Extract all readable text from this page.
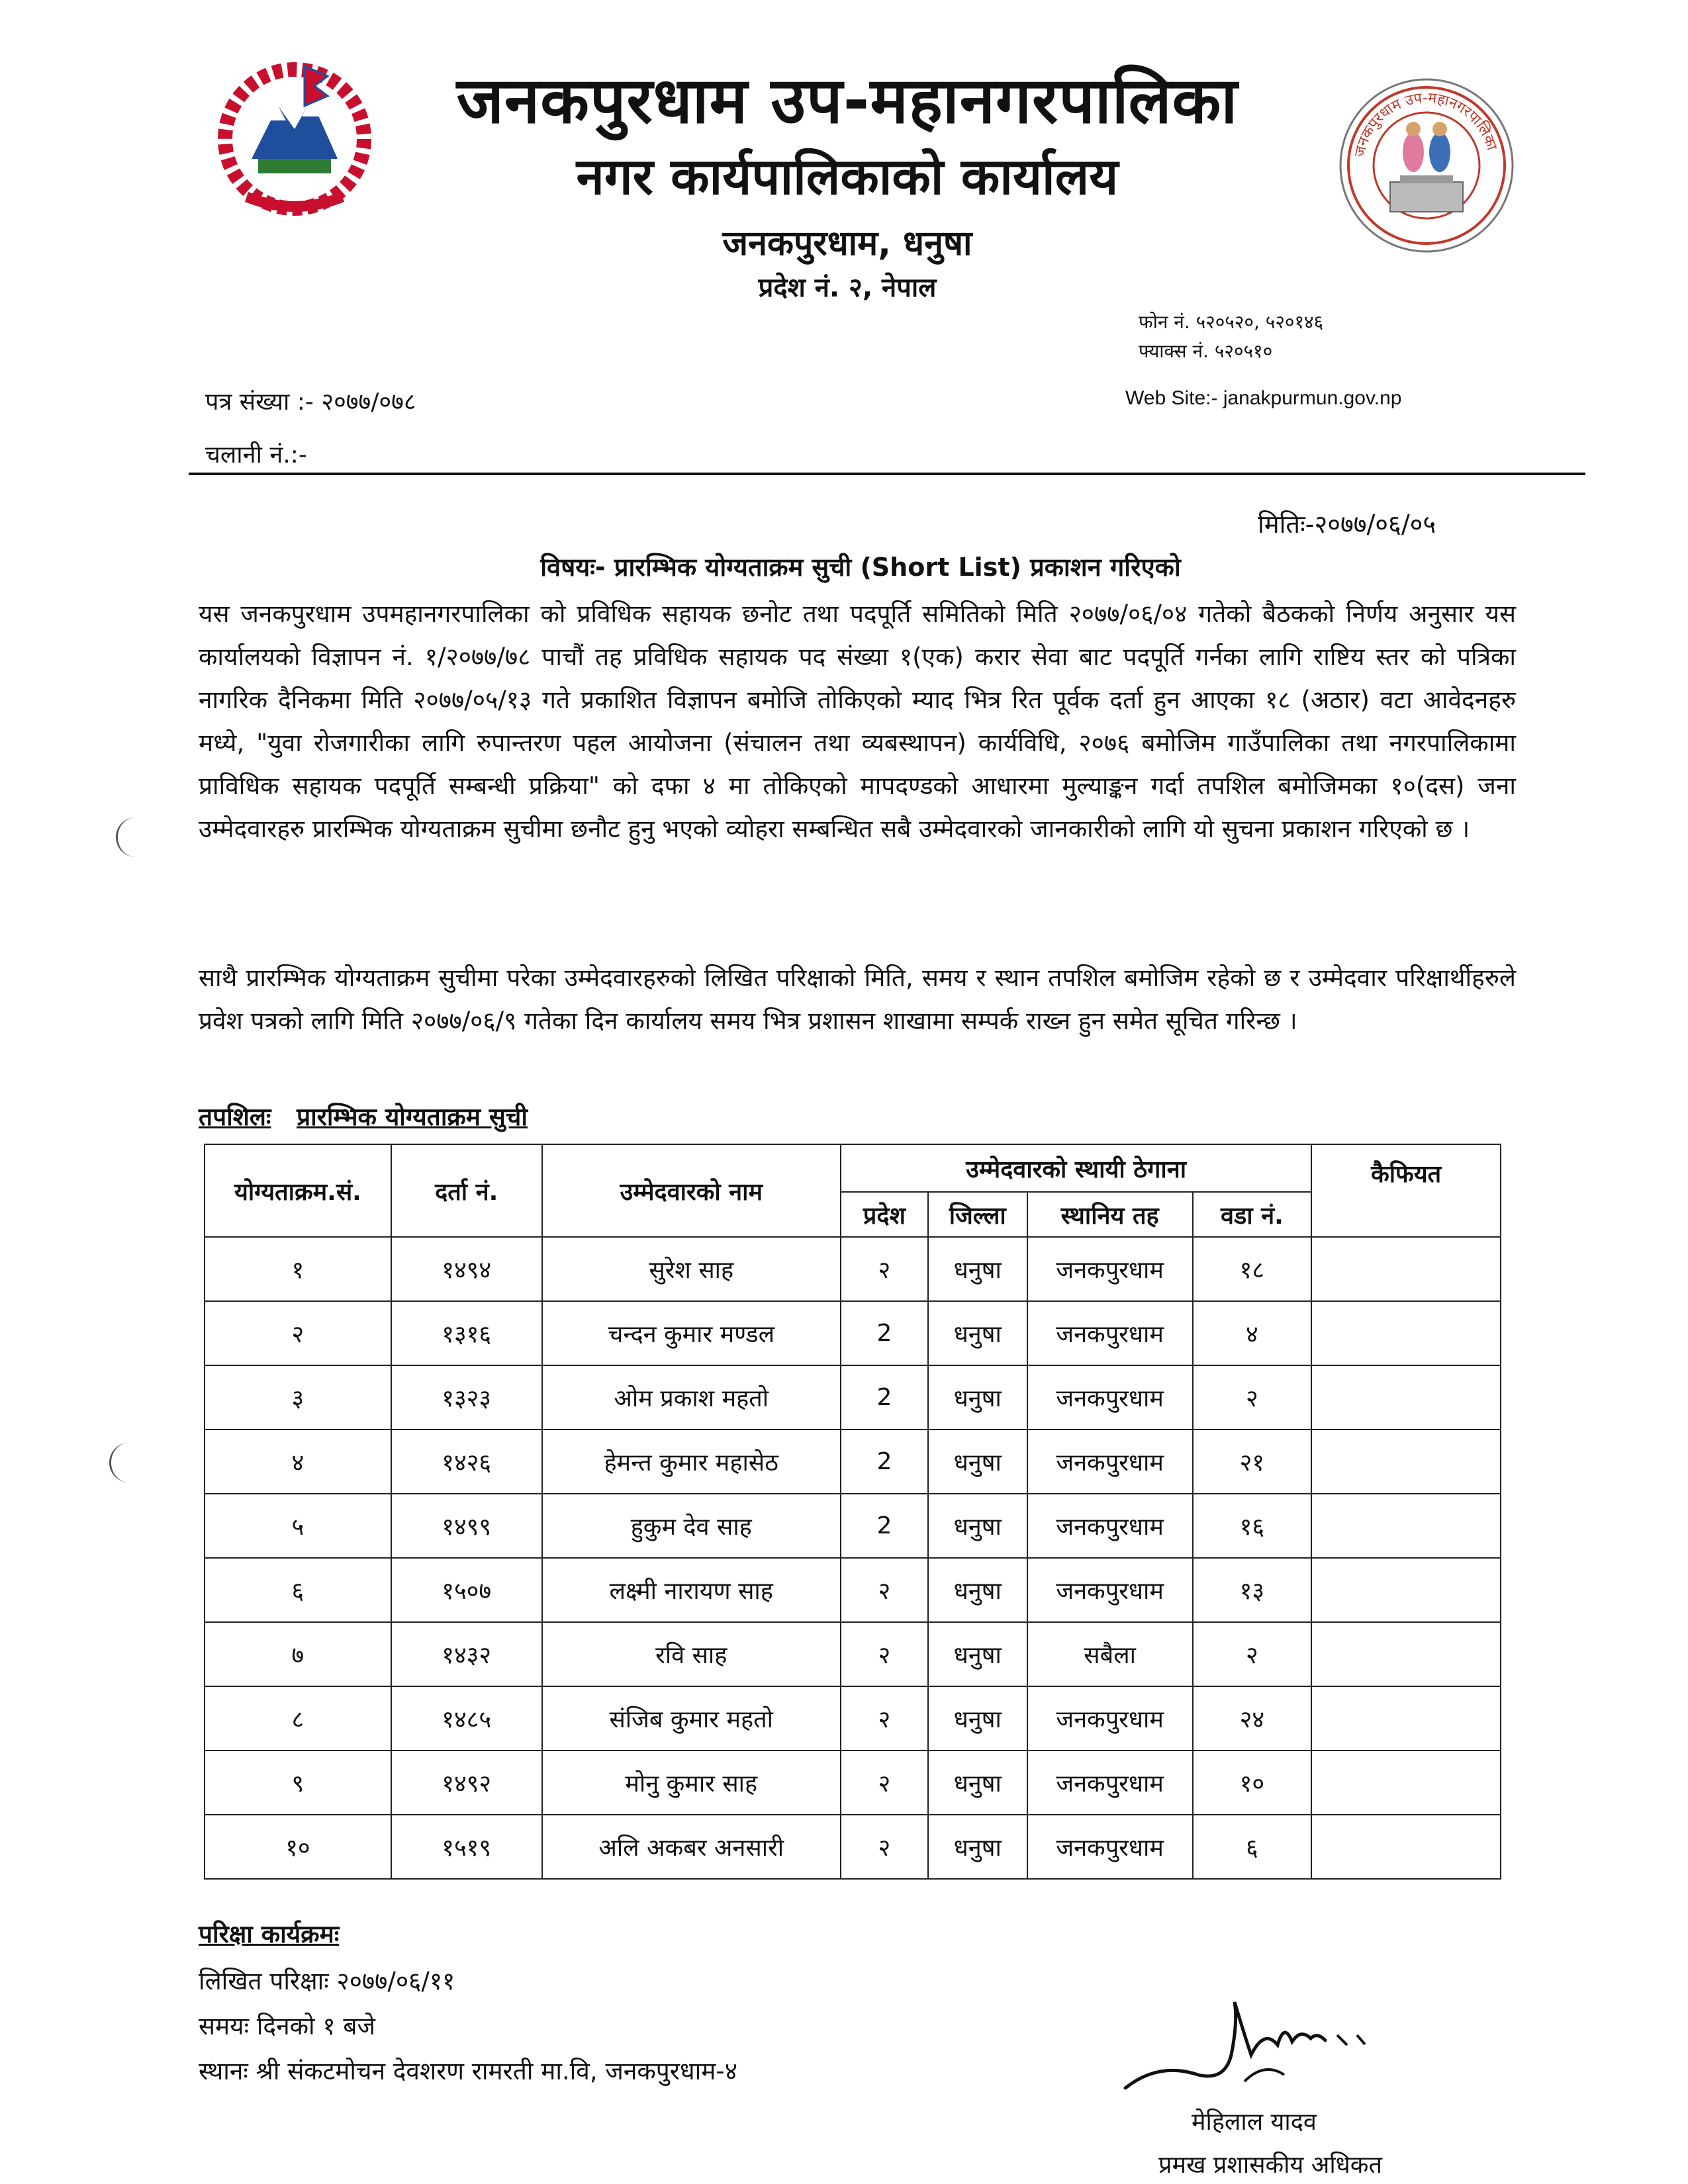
जनकपुरधाम उप-महानगरपालिका
नगर कार्यपालिकाको कार्यालय
जनकपुरधाम, धनुषा
प्रदेश नं. २, नेपाल
जनकपुरधाम उप-महानगरपालिका
फोन नं. ५२०५२०, ५२०१४६
फ्याक्स नं. ५२०५१०
Web Site:- janakpurmun.gov.np
पत्र संख्या :- २०७७/०७८
चलानी नं.:-
मितिः-२०७७/०६/०५
विषयः- प्रारम्भिक योग्यताक्रम सुची (Short List) प्रकाशन गरिएको
यस जनकपुरधाम उपमहानगरपालिका को प्रविधिक सहायक छनोट तथा पदपूर्ति समितिको मिति २०७७/०६/०४ गतेको बैठकको निर्णय अनुसार यस कार्यालयको विज्ञापन नं. १/२०७७/७८ पाचौं तह प्रविधिक सहायक पद संख्या १(एक) करार सेवा बाट पदपूर्ति गर्नका लागि राष्टिय स्तर को पत्रिका नागरिक दैनिकमा मिति २०७७/०५/१३ गते प्रकाशित विज्ञापन बमोजि तोकिएको म्याद भित्र रित पूर्वक दर्ता हुन आएका १८ (अठार) वटा आवेदनहरु मध्ये, "युवा रोजगारीका लागि रुपान्तरण पहल आयोजना (संचालन तथा व्यबस्थापन) कार्यविधि, २०७६ बमोजिम गाउँपालिका तथा नगरपालिकामा प्राविधिक सहायक पदपूर्ति सम्बन्धी प्रक्रिया" को दफा ४ मा तोकिएको मापदण्डको आधारमा मुल्याङ्कन गर्दा तपशिल बमोजिमका १०(दस) जना उम्मेदवारहरु प्रारम्भिक योग्यताक्रम सुचीमा छनौट हुनु भएको व्योहरा सम्बन्धित सबै उम्मेदवारको जानकारीको लागि यो सुचना प्रकाशन गरिएको छ ।
साथै प्रारम्भिक योग्यताक्रम सुचीमा परेका उम्मेदवारहरुको लिखित परिक्षाको मिति, समय र स्थान तपशिल बमोजिम रहेको छ र उम्मेदवार परिक्षार्थीहरुले प्रवेश पत्रको लागि मिति २०७७/०६/९ गतेका दिन कार्यालय समय भित्र प्रशासन शाखामा सम्पर्क राख्न हुन समेत सूचित गरिन्छ ।
तपशिलः प्रारम्भिक योग्यताक्रम सुची
योग्यताक्रम.सं.	दर्ता नं.	उम्मेदवारको नाम	उम्मेदवारको स्थायी ठेगाना				कैफियत
			प्रदेश	जिल्ला	स्थानिय तह	वडा नं.	
१	१४९४	सुरेश साह	२	धनुषा	जनकपुरधाम	१८	
२	१३१६	चन्दन कुमार मण्डल	2	धनुषा	जनकपुरधाम	४	
३	१३२३	ओम प्रकाश महतो	2	धनुषा	जनकपुरधाम	२	
४	१४२६	हेमन्त कुमार महासेठ	2	धनुषा	जनकपुरधाम	२१	
५	१४९९	हुकुम देव साह	2	धनुषा	जनकपुरधाम	१६	
६	१५०७	लक्ष्मी नारायण साह	२	धनुषा	जनकपुरधाम	१३	
७	१४३२	रवि साह	२	धनुषा	सबैला	२	
८	१४८५	संजिब कुमार महतो	२	धनुषा	जनकपुरधाम	२४	
९	१४९२	मोनु कुमार साह	२	धनुषा	जनकपुरधाम	१०	
१०	१५१९	अलि अकबर अनसारी	२	धनुषा	जनकपुरधाम	६	
परिक्षा कार्यक्रमः
लिखित परिक्षाः २०७७/०६/११
समयः दिनको १ बजे
स्थानः श्री संकटमोचन देवशरण रामरती मा.वि, जनकपुरधाम-४
मेहिलाल यादव
प्रमख प्रशासकीय अधिकत
